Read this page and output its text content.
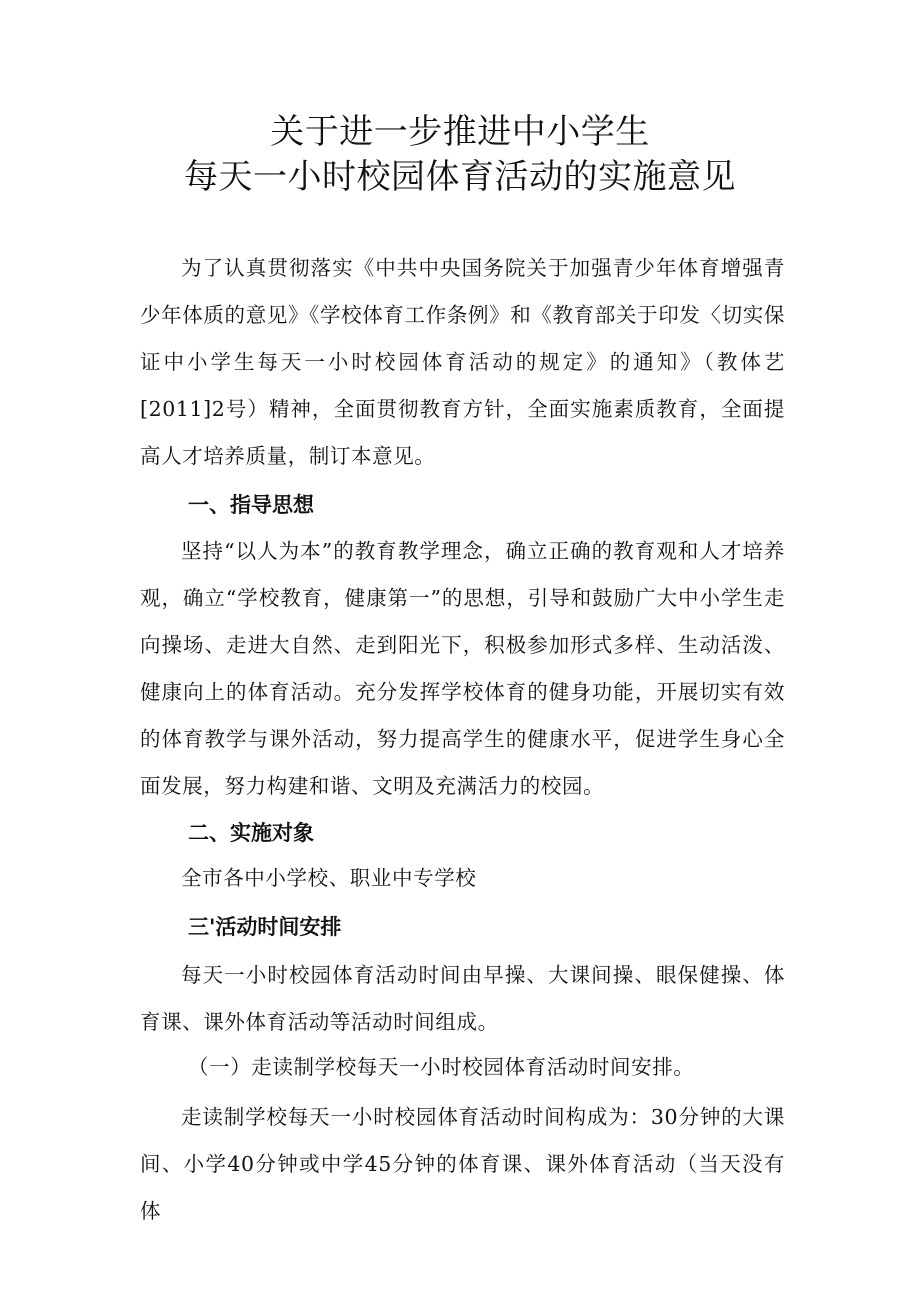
关于进一步推进中小学生
每天一小时校园体育活动的实施意见

为了认真贯彻落实《中共中央国务院关于加强青少年体育增强青少年体质的意见》《学校体育工作条例》和《教育部关于印发〈切实保证中小学生每天一小时校园体育活动的规定》的通知》（教体艺[2011]2号）精神，全面贯彻教育方针，全面实施素质教育，全面提高人才培养质量，制订本意见。

一、指导思想

坚持“以人为本”的教育教学理念，确立正确的教育观和人才培养观，确立“学校教育，健康第一”的思想，引导和鼓励广大中小学生走向操场、走进大自然、走到阳光下，积极参加形式多样、生动活泼、健康向上的体育活动。充分发挥学校体育的健身功能，开展切实有效的体育教学与课外活动，努力提高学生的健康水平，促进学生身心全面发展，努力构建和谐、文明及充满活力的校园。

二、实施对象

全市各中小学校、职业中专学校

三'活动时间安排

每天一小时校园体育活动时间由早操、大课间操、眼保健操、体育课、课外体育活动等活动时间组成。

（一）走读制学校每天一小时校园体育活动时间安排。

走读制学校每天一小时校园体育活动时间构成为：30分钟的大课间、小学40分钟或中学45分钟的体育课、课外体育活动（当天没有体
